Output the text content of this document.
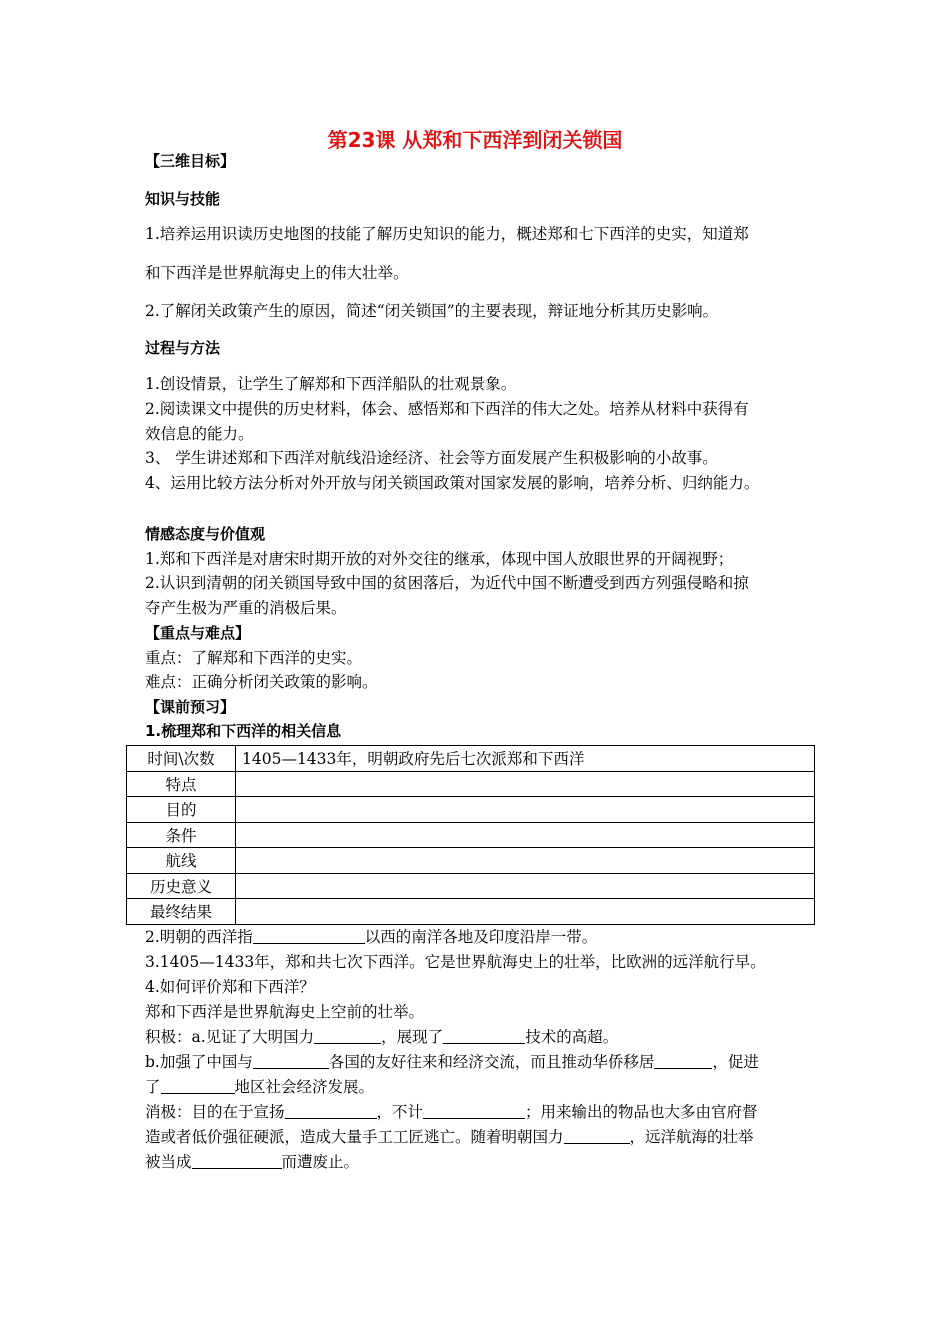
第23课 从郑和下西洋到闭关锁国
【三维目标】
知识与技能
1.培养运用识读历史地图的技能了解历史知识的能力，概述郑和七下西洋的史实，知道郑
和下西洋是世界航海史上的伟大壮举。
2.了解闭关政策产生的原因，简述“闭关锁国”的主要表现，辩证地分析其历史影响。
过程与方法
1.创设情景，让学生了解郑和下西洋船队的壮观景象。
2.阅读课文中提供的历史材料，体会、感悟郑和下西洋的伟大之处。培养从材料中获得有
效信息的能力。
3、 学生讲述郑和下西洋对航线沿途经济、社会等方面发展产生积极影响的小故事。
4、运用比较方法分析对外开放与闭关锁国政策对国家发展的影响，培养分析、归纳能力。
情感态度与价值观
1.郑和下西洋是对唐宋时期开放的对外交往的继承，体现中国人放眼世界的开阔视野；
2.认识到清朝的闭关锁国导致中国的贫困落后，为近代中国不断遭受到西方列强侵略和掠
夺产生极为严重的消极后果。
【重点与难点】
重点：了解郑和下西洋的史实。
难点：正确分析闭关政策的影响。
【课前预习】
1.梳理郑和下西洋的相关信息
时间\次数	1405—1433年，明朝政府先后七次派郑和下西洋
特点	
目的	
条件	
航线	
历史意义	
最终结果	
2.明朝的西洋指	以西的南洋各地及印度沿岸一带。
3.1405—1433年，郑和共七次下西洋。它是世界航海史上的壮举，比欧洲的远洋航行早。
4.如何评价郑和下西洋？
郑和下西洋是世界航海史上空前的壮举。
积极：a.见证了大明国力	，展现了	技术的高超。
b.加强了中国与	各国的友好往来和经济交流，而且推动华侨移居	，促进
了	地区社会经济发展。
消极：目的在于宣扬	，不计	；用来输出的物品也大多由官府督
造或者低价强征硬派，造成大量手工工匠逃亡。随着明朝国力	，远洋航海的壮举
被当成	而遭废止。
